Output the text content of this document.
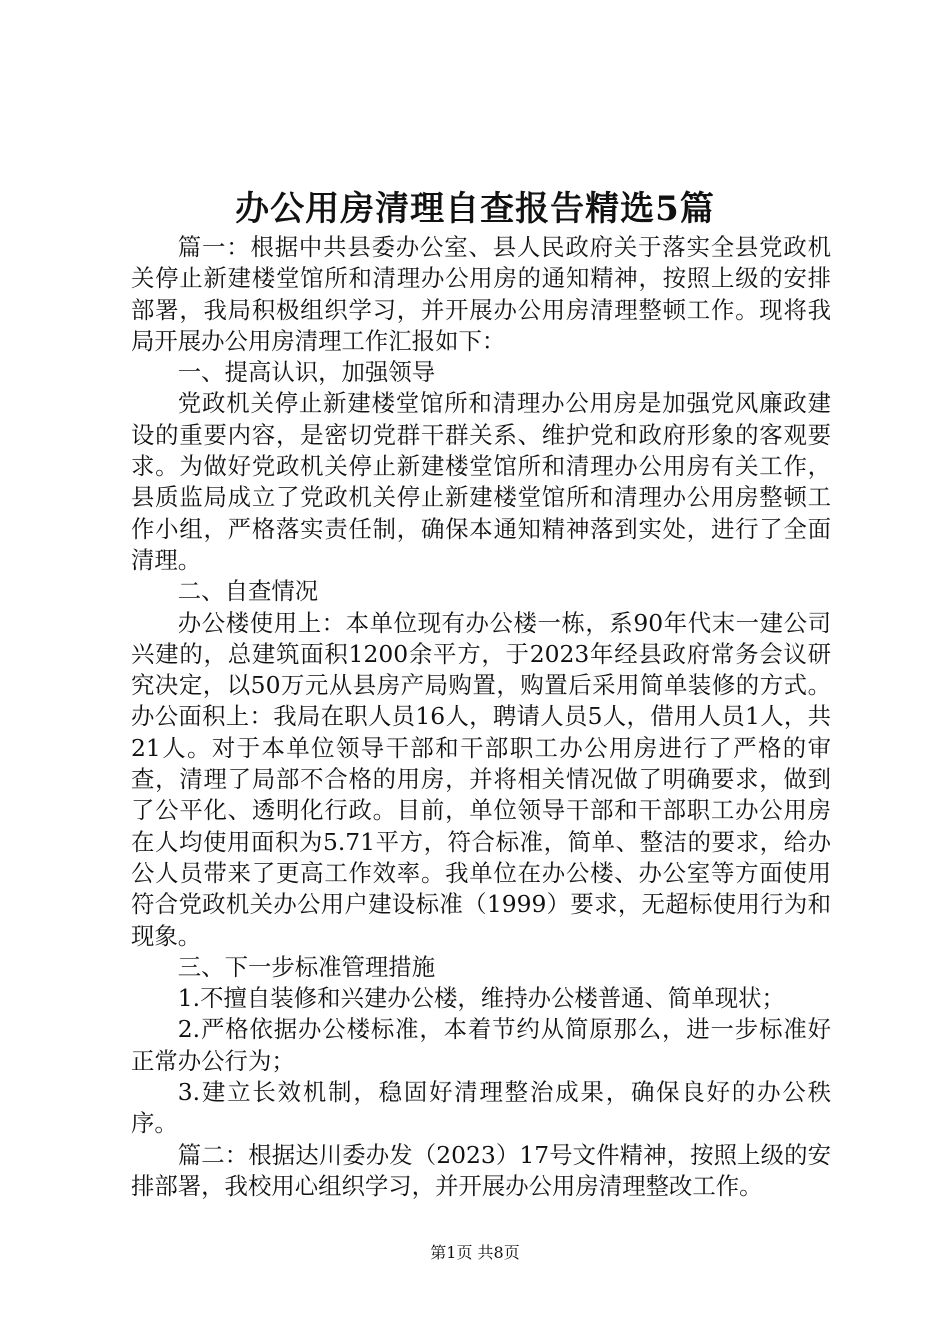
办公用房清理自查报告精选5篇

篇一：根据中共县委办公室、县人民政府关于落实全县党政机关停止新建楼堂馆所和清理办公用房的通知精神，按照上级的安排部署，我局积极组织学习，并开展办公用房清理整顿工作。现将我局开展办公用房清理工作汇报如下：

一、提高认识，加强领导

党政机关停止新建楼堂馆所和清理办公用房是加强党风廉政建设的重要内容，是密切党群干群关系、维护党和政府形象的客观要求。为做好党政机关停止新建楼堂馆所和清理办公用房有关工作，县质监局成立了党政机关停止新建楼堂馆所和清理办公用房整顿工作小组，严格落实责任制，确保本通知精神落到实处，进行了全面清理。

二、自查情况

办公楼使用上：本单位现有办公楼一栋，系90年代末一建公司兴建的，总建筑面积1200余平方，于2023年经县政府常务会议研究决定，以50万元从县房产局购置，购置后采用简单装修的方式。办公面积上：我局在职人员16人，聘请人员5人，借用人员1人，共21人。对于本单位领导干部和干部职工办公用房进行了严格的审查，清理了局部不合格的用房，并将相关情况做了明确要求，做到了公平化、透明化行政。目前，单位领导干部和干部职工办公用房在人均使用面积为5.71平方，符合标准，简单、整洁的要求，给办公人员带来了更高工作效率。我单位在办公楼、办公室等方面使用符合党政机关办公用户建设标准（1999）要求，无超标使用行为和现象。

三、下一步标准管理措施

1.不擅自装修和兴建办公楼，维持办公楼普通、简单现状；

2.严格依据办公楼标准，本着节约从简原那么，进一步标准好正常办公行为；

3.建立长效机制，稳固好清理整治成果，确保良好的办公秩序。

篇二：根据达川委办发（2023）17号文件精神，按照上级的安排部署，我校用心组织学习，并开展办公用房清理整改工作。

第1页 共8页
